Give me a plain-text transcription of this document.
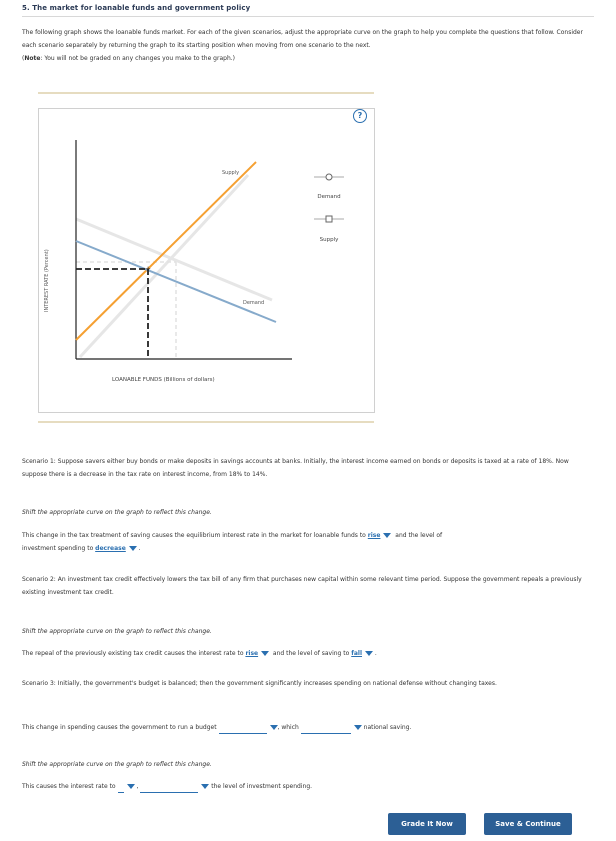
5. The market for loanable funds and government policy
The following graph shows the loanable funds market. For each of the given scenarios, adjust the appropriate curve on the graph to help you complete the questions that follow. Consider each scenario separately by returning the graph to its starting position when moving from one scenario to the next.
(Note: You will not be graded on any changes you make to the graph.)
?
+
Demand
Supply
Supply
Demand
INTEREST RATE (Percent)
LOANABLE FUNDS (Billions of dollars)
Scenario 1: Suppose savers either buy bonds or make deposits in savings accounts at banks. Initially, the interest income earned on bonds or deposits is taxed at a rate of 18%. Now suppose there is a decrease in the tax rate on interest income, from 18% to 14%.
Shift the appropriate curve on the graph to reflect this change.
This change in the tax treatment of saving causes the equilibrium interest rate in the market for loanable funds to rise and the level of
investment spending to decrease .
Scenario 2: An investment tax credit effectively lowers the tax bill of any firm that purchases new capital within some relevant time period. Suppose the government repeals a previously existing investment tax credit.
Shift the appropriate curve on the graph to reflect this change.
The repeal of the previously existing tax credit causes the interest rate to rise and the level of saving to fall .
Scenario 3: Initially, the government's budget is balanced; then the government significantly increases spending on national defense without changing taxes.
This change in spending causes the government to run a budget	, which	national saving.
Shift the appropriate curve on the graph to reflect this change.
This causes the interest rate to	,	the level of investment spending.
Grade It Now	Save & Continue
